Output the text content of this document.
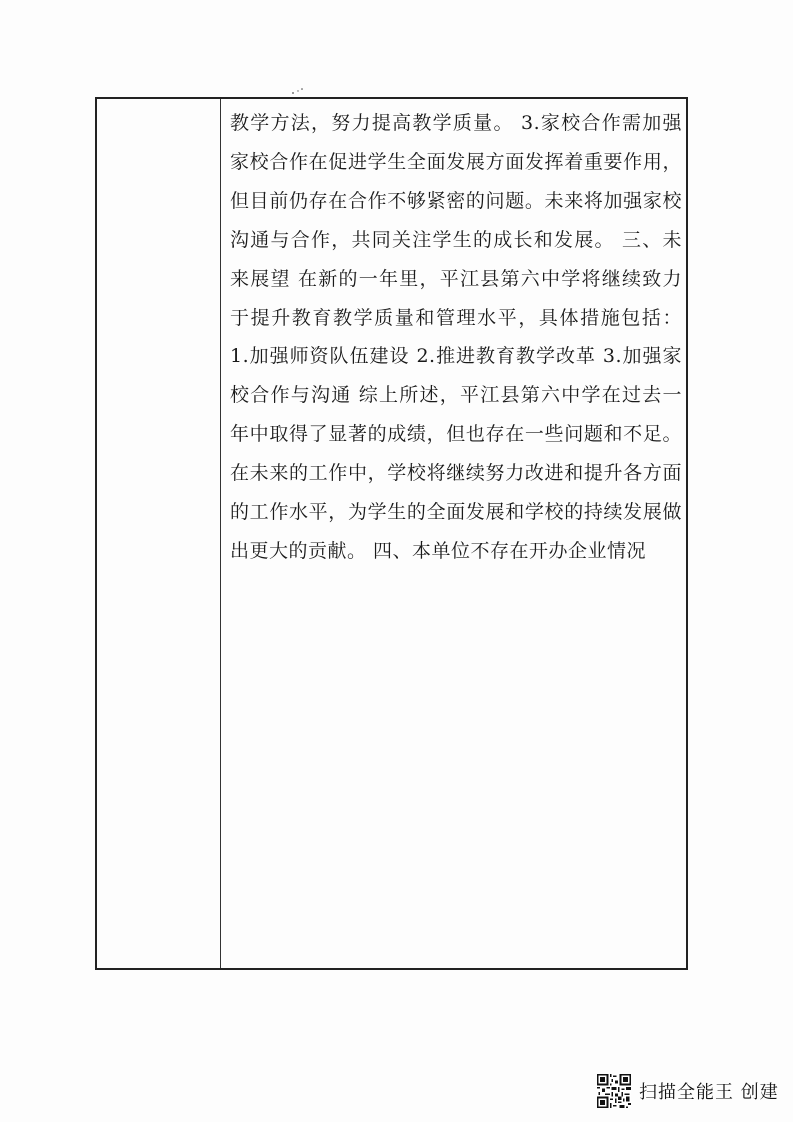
教学方法，努力提高教学质量。 3.家校合作需加强 家校合作在促进学生全面发展方面发挥着重要作用，但目前仍存在合作不够紧密的问题。未来将加强家校沟通与合作，共同关注学生的成长和发展。 三、未来展望 在新的一年里，平江县第六中学将继续致力于提升教育教学质量和管理水平，具体措施包括： 1.加强师资队伍建设 2.推进教育教学改革 3.加强家校合作与沟通 综上所述，平江县第六中学在过去一年中取得了显著的成绩，但也存在一些问题和不足。在未来的工作中，学校将继续努力改进和提升各方面的工作水平，为学生的全面发展和学校的持续发展做出更大的贡献。 四、本单位不存在开办企业情况

扫描全能王 创建
